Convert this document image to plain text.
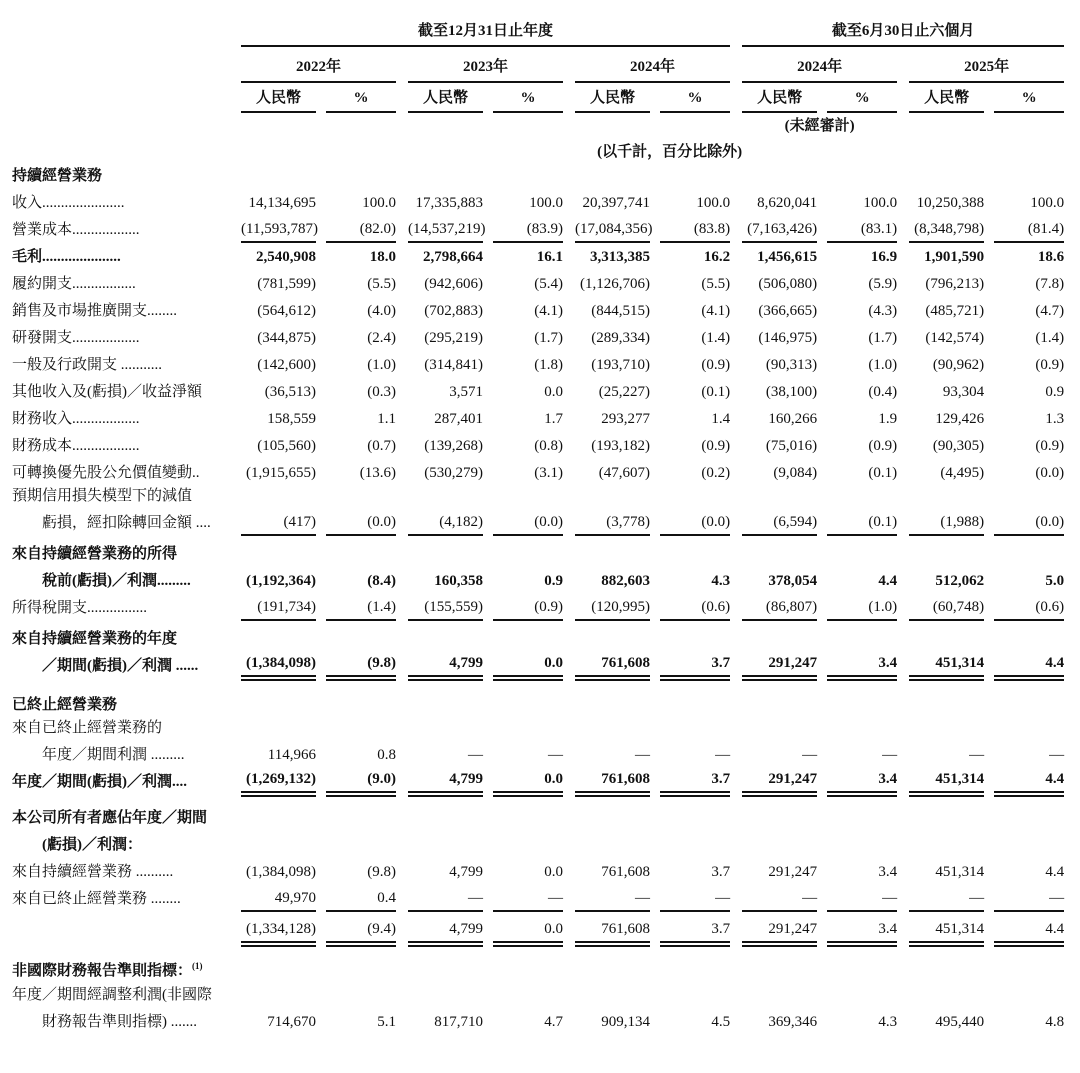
	截至12月31日止年度												截至6月30日止六個月						
	2022年				2023年				2024年				2024年				2025年		
	人民幣		%		人民幣		%		人民幣		%		人民幣		%		人民幣		%
													(未經審計)						
(以千計，百分比除外)																			
持續經營業務																			
收入......................	14,134,695		100.0		17,335,883		100.0		20,397,741		100.0		8,620,041		100.0		10,250,388		100.0
營業成本..................	(11,593,787)		(82.0)		(14,537,219)		(83.9)		(17,084,356)		(83.8)		(7,163,426)		(83.1)		(8,348,798)		(81.4)
毛利.....................	2,540,908		18.0		2,798,664		16.1		3,313,385		16.2		1,456,615		16.9		1,901,590		18.6
履約開支.................	(781,599)		(5.5)		(942,606)		(5.4)		(1,126,706)		(5.5)		(506,080)		(5.9)		(796,213)		(7.8)
銷售及市場推廣開支........	(564,612)		(4.0)		(702,883)		(4.1)		(844,515)		(4.1)		(366,665)		(4.3)		(485,721)		(4.7)
研發開支..................	(344,875)		(2.4)		(295,219)		(1.7)		(289,334)		(1.4)		(146,975)		(1.7)		(142,574)		(1.4)
一般及行政開支 ...........	(142,600)		(1.0)		(314,841)		(1.8)		(193,710)		(0.9)		(90,313)		(1.0)		(90,962)		(0.9)
其他收入及(虧損)／收益淨額	(36,513)		(0.3)		3,571		0.0		(25,227)		(0.1)		(38,100)		(0.4)		93,304		0.9
財務收入..................	158,559		1.1		287,401		1.7		293,277		1.4		160,266		1.9		129,426		1.3
財務成本..................	(105,560)		(0.7)		(139,268)		(0.8)		(193,182)		(0.9)		(75,016)		(0.9)		(90,305)		(0.9)
可轉換優先股公允價值變動..	(1,915,655)		(13.6)		(530,279)		(3.1)		(47,607)		(0.2)		(9,084)		(0.1)		(4,495)		(0.0)
預期信用損失模型下的減值																			
虧損，經扣除轉回金額 ....	(417)		(0.0)		(4,182)		(0.0)		(3,778)		(0.0)		(6,594)		(0.1)		(1,988)		(0.0)
來自持續經營業務的所得																			
稅前(虧損)／利潤.........	(1,192,364)		(8.4)		160,358		0.9		882,603		4.3		378,054		4.4		512,062		5.0
所得稅開支................	(191,734)		(1.4)		(155,559)		(0.9)		(120,995)		(0.6)		(86,807)		(1.0)		(60,748)		(0.6)
來自持續經營業務的年度																			
／期間(虧損)／利潤 ......	(1,384,098)		(9.8)		4,799		0.0		761,608		3.7		291,247		3.4		451,314		4.4
已終止經營業務																			
來自已終止經營業務的																			
年度／期間利潤 .........	114,966		0.8		—		—		—		—		—		—		—		—
年度／期間(虧損)／利潤....	(1,269,132)		(9.0)		4,799		0.0		761,608		3.7		291,247		3.4		451,314		4.4
本公司所有者應佔年度／期間																			
(虧損)／利潤：																			
來自持續經營業務 ..........	(1,384,098)		(9.8)		4,799		0.0		761,608		3.7		291,247		3.4		451,314		4.4
來自已終止經營業務 ........	49,970		0.4		—		—		—		—		—		—		—		—
	(1,334,128)		(9.4)		4,799		0.0		761,608		3.7		291,247		3.4		451,314		4.4
非國際財務報告準則指標：$^{(1)}$																			
年度／期間經調整利潤(非國際																			
財務報告準則指標) .......	714,670		5.1		817,710		4.7		909,134		4.5		369,346		4.3		495,440		4.8
